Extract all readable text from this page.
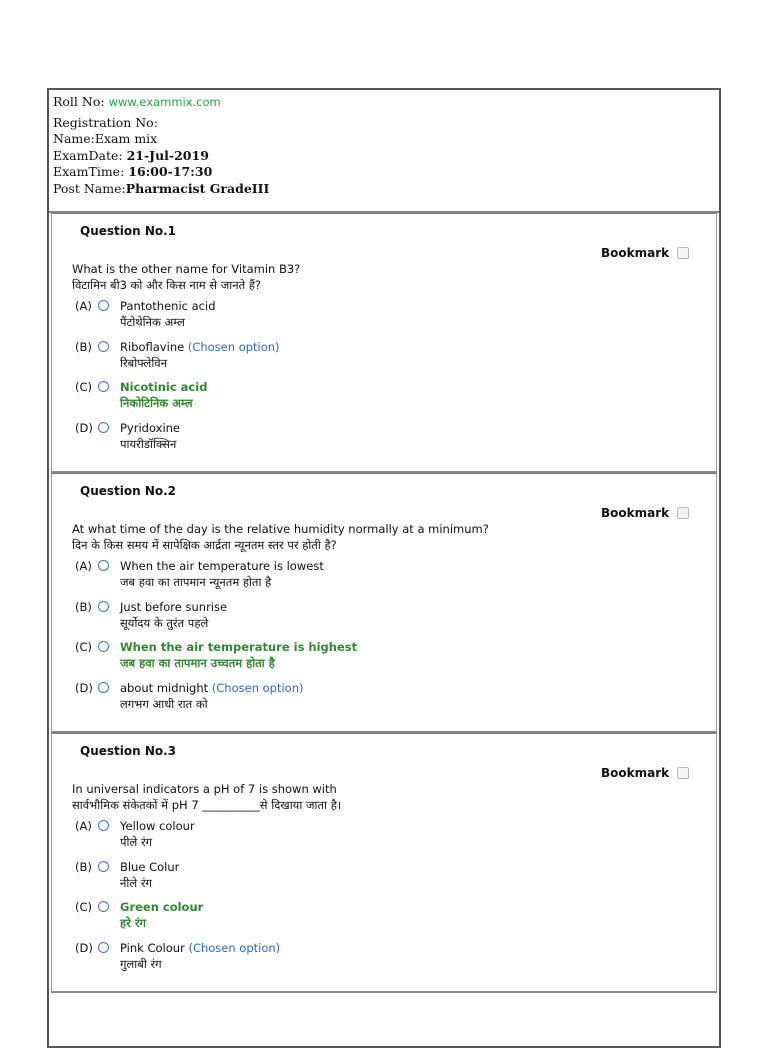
Roll No: www.exammix.com
Registration No:
Name:Exam mix
ExamDate: 21-Jul-2019
ExamTime: 16:00-17:30
Post Name:Pharmacist GradeIII
Question No.1
Bookmark
What is the other name for Vitamin B3?
विटामिन बी3 को और किस नाम से जानते हैं?
(A) Pantothenic acid
पैंटोथेनिक अम्ल
(B) Riboflavine (Chosen option)
रिबोफ्लेविन
(C) Nicotinic acid
निकोटिनिक अम्ल
(D) Pyridoxine
पायरीडॉक्सिन
Question No.2
Bookmark
At what time of the day is the relative humidity normally at a minimum?
दिन के किस समय में सापेक्षिक आर्द्रता न्यूनतम स्तर पर होती है?
(A) When the air temperature is lowest
जब हवा का तापमान न्यूनतम होता है
(B) Just before sunrise
सूर्योदय के तुरंत पहले
(C) When the air temperature is highest
जब हवा का तापमान उच्चतम होता है
(D) about midnight (Chosen option)
लगभग आधी रात को
Question No.3
Bookmark
In universal indicators a pH of 7 is shown with
सार्वभौमिक संकेतकों में pH 7 __________से दिखाया जाता है।
(A) Yellow colour
पीले रंग
(B) Blue Colur
नीले रंग
(C) Green colour
हरे रंग
(D) Pink Colour (Chosen option)
गुलाबी रंग
